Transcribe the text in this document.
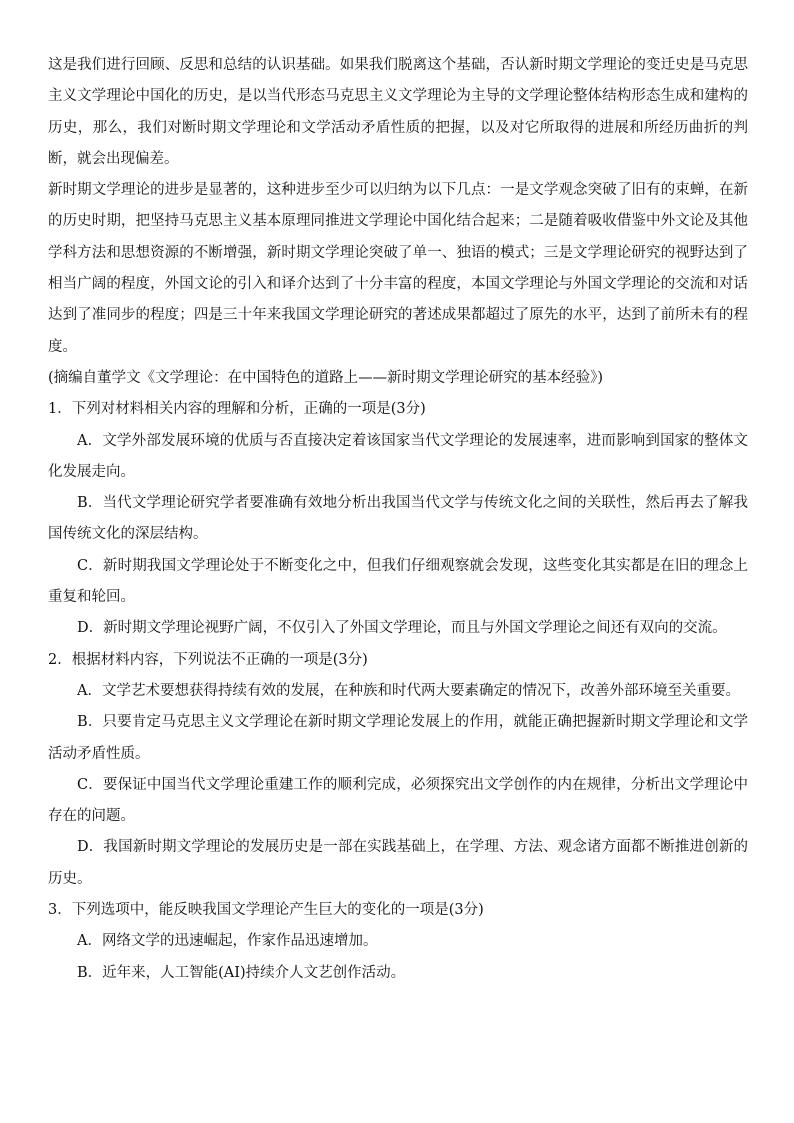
这是我们进行回顾、反思和总结的认识基础。如果我们脱离这个基础，否认新时期文学理论的变迁史是马克思主义文学理论中国化的历史，是以当代形态马克思主义文学理论为主导的文学理论整体结构形态生成和建构的历史，那么，我们对断时期文学理论和文学活动矛盾性质的把握，以及对它所取得的进展和所经历曲折的判断，就会出现偏差。

新时期文学理论的进步是显著的，这种进步至少可以归纳为以下几点：一是文学观念突破了旧有的束蝉，在新的历史时期，把坚持马克思主义基本原理同推进文学理论中国化结合起来；二是随着吸收借鉴中外文论及其他学科方法和思想资源的不断增强，新时期文学理论突破了单一、独语的模式；三是文学理论研究的视野达到了相当广阔的程度，外国文论的引入和译介达到了十分丰富的程度，本国文学理论与外国文学理论的交流和对话达到了准同步的程度；四是三十年来我国文学理论研究的著述成果都超过了原先的水平，达到了前所未有的程度。

(摘编自董学文《文学理论：在中国特色的道路上——新时期文学理论研究的基本经验》)

1．下列对材料相关内容的理解和分析，正确的一项是(3分)

A．文学外部发展环境的优质与否直接决定着该国家当代文学理论的发展速率，进而影响到国家的整体文化发展走向。

B．当代文学理论研究学者要准确有效地分析出我国当代文学与传统文化之间的关联性，然后再去了解我国传统文化的深层结构。

C．新时期我国文学理论处于不断变化之中，但我们仔细观察就会发现，这些变化其实都是在旧的理念上重复和轮回。

D．新时期文学理论视野广阔，不仅引入了外国文学理论，而且与外国文学理论之间还有双向的交流。

2．根据材料内容，下列说法不正确的一项是(3分)

A．文学艺术要想获得持续有效的发展，在种族和时代两大要素确定的情况下，改善外部环境至关重要。

B．只要肯定马克思主义文学理论在新时期文学理论发展上的作用，就能正确把握新时期文学理论和文学活动矛盾性质。

C．要保证中国当代文学理论重建工作的顺利完成，必须探究出文学创作的内在规律，分析出文学理论中存在的问题。

D．我国新时期文学理论的发展历史是一部在实践基础上，在学理、方法、观念诸方面都不断推进创新的历史。

3．下列选项中，能反映我国文学理论产生巨大的变化的一项是(3分)

A．网络文学的迅速崛起，作家作品迅速增加。

B．近年来，人工智能(AI)持续介人文艺创作活动。
